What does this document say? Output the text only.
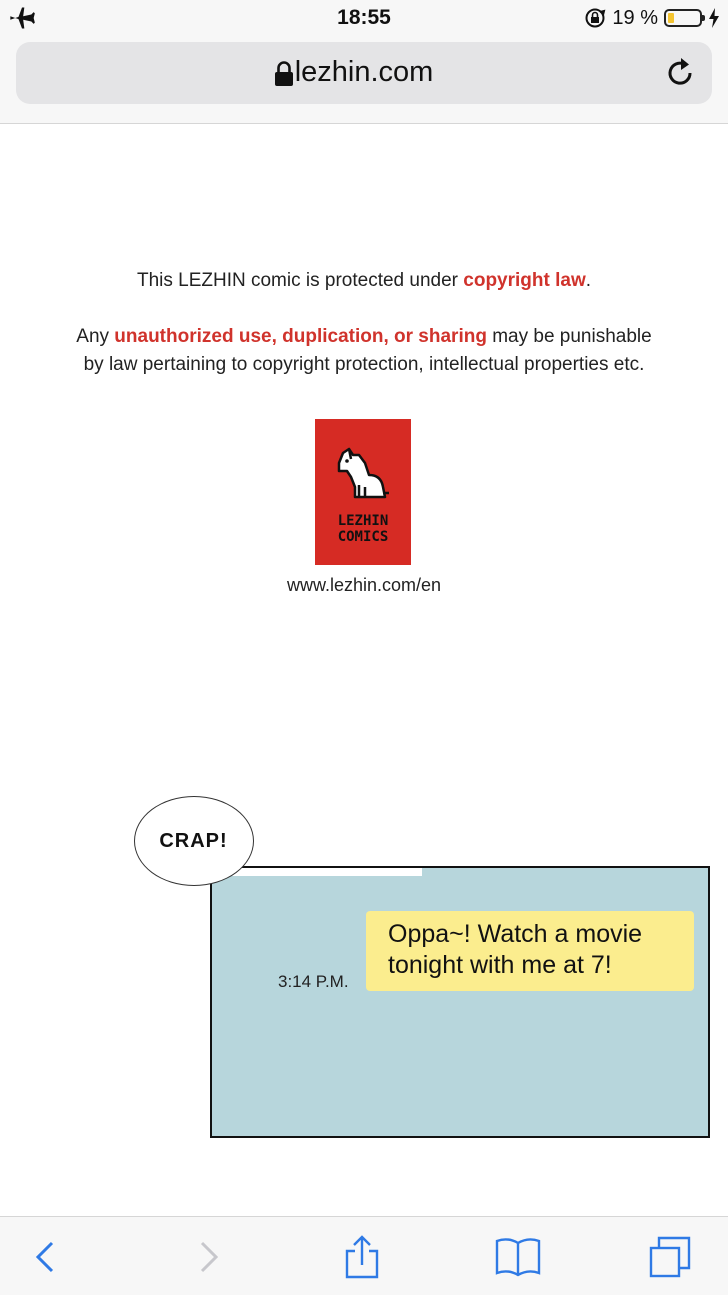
18:55	19 %
lezhin.com
This LEZHIN comic is protected under copyright law.
Any unauthorized use, duplication, or sharing may be punishable
by law pertaining to copyright protection, intellectual properties etc.
LEZHIN
COMICS
www.lezhin.com/en
CRAP!
Oppa~! Watch a movie tonight with me at 7!
3:14 P.M.
